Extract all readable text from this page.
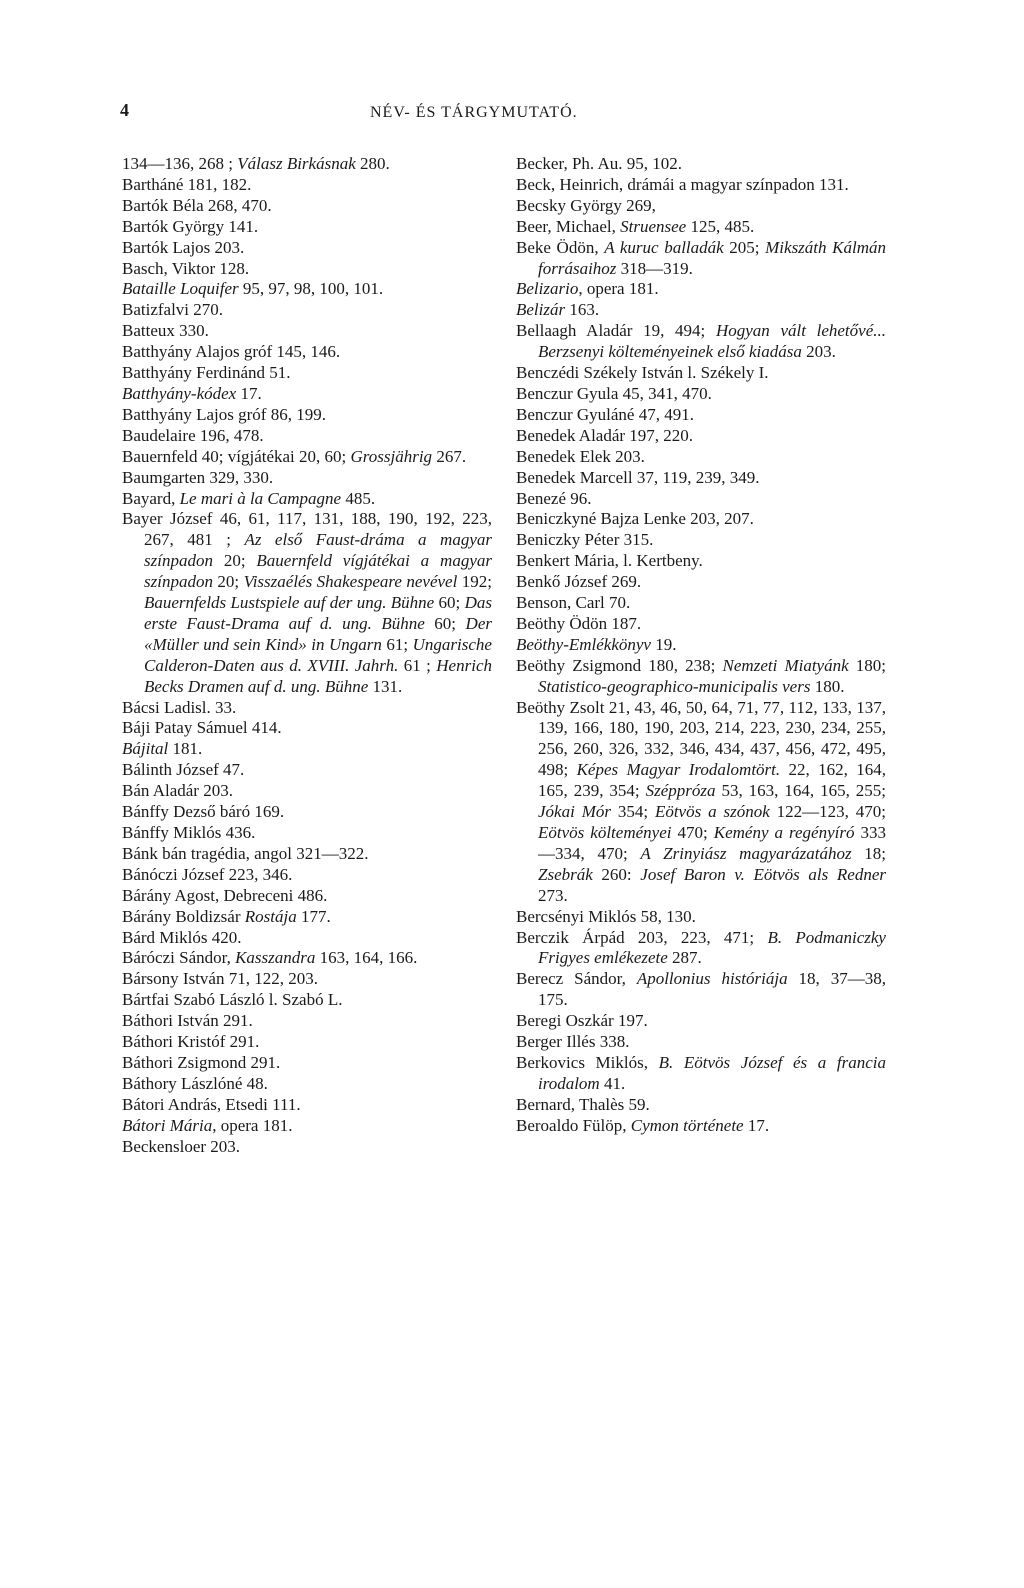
4	NÉV- ÉS TÁRGYMUTATÓ.
134—136, 268 ; Válasz Birkásnak 280.
Bartháné 181, 182.
Bartók Béla 268, 470.
Bartók György 141.
Bartók Lajos 203.
Basch, Viktor 128.
Bataille Loquifer 95, 97, 98, 100, 101.
Batizfalvi 270.
Batteux 330.
Batthyány Alajos gróf 145, 146.
Batthyány Ferdinánd 51.
Batthyány-kódex 17.
Batthyány Lajos gróf 86, 199.
Baudelaire 196, 478.
Bauernfeld 40; vígjátékai 20, 60; Grossjährig 267.
Baumgarten 329, 330.
Bayard, Le mari à la Campagne 485.
Bayer József 46, 61, 117, 131, 188, 190, 192, 223, 267, 481 ; Az első Faust-dráma a magyar színpadon 20; Bauernfeld vígjátékai a magyar színpadon 20; Visszaélés Shakespeare nevével 192; Bauernfelds Lustspiele auf der ung. Bühne 60; Das erste Faust-Drama auf d. ung. Bühne 60; Der «Müller und sein Kind» in Ungarn 61; Ungarische Calderon-Daten aus d. XVIII. Jahrh. 61 ; Henrich Becks Dramen auf d. ung. Bühne 131.
Bácsi Ladisl. 33.
Báji Patay Sámuel 414.
Bájital 181.
Bálinth József 47.
Bán Aladár 203.
Bánffy Dezső báró 169.
Bánffy Miklós 436.
Bánk bán tragédia, angol 321—322.
Bánóczi József 223, 346.
Bárány Agost, Debreceni 486.
Bárány Boldizsár Rostája 177.
Bárd Miklós 420.
Báróczi Sándor, Kasszandra 163, 164, 166.
Bársony István 71, 122, 203.
Bártfai Szabó László l. Szabó L.
Báthori István 291.
Báthori Kristóf 291.
Báthori Zsigmond 291.
Báthory Lászlóné 48.
Bátori András, Etsedi 111.
Bátori Mária, opera 181.
Beckensloer 203.
Becker, Ph. Au. 95, 102.
Beck, Heinrich, drámái a magyar színpadon 131.
Becsky György 269,
Beer, Michael, Struensee 125, 485.
Beke Ödön, A kuruc balladák 205; Mikszáth Kálmán forrásaihoz 318—319.
Belizario, opera 181.
Belizár 163.
Bellaagh Aladár 19, 494; Hogyan vált lehetővé... Berzsenyi költeményeinek első kiadása 203.
Benczédi Székely István l. Székely I.
Benczur Gyula 45, 341, 470.
Benczur Gyuláné 47, 491.
Benedek Aladár 197, 220.
Benedek Elek 203.
Benedek Marcell 37, 119, 239, 349.
Benezé 96.
Beniczkyné Bajza Lenke 203, 207.
Beniczky Péter 315.
Benkert Mária, l. Kertbeny.
Benkő József 269.
Benson, Carl 70.
Beöthy Ödön 187.
Beöthy-Emlékkönyv 19.
Beöthy Zsigmond 180, 238; Nemzeti Miatyánk 180; Statistico-geographico-municipalis vers 180.
Beöthy Zsolt 21, 43, 46, 50, 64, 71, 77, 112, 133, 137, 139, 166, 180, 190, 203, 214, 223, 230, 234, 255, 256, 260, 326, 332, 346, 434, 437, 456, 472, 495, 498; Képes Magyar Irodalomtört. 22, 162, 164, 165, 239, 354; Széppróza 53, 163, 164, 165, 255; Jókai Mór 354; Eötvös a szónok 122—123, 470; Eötvös költeményei 470; Kemény a regényíró 333—334, 470; A Zrinyiász magyarázatához 18; Zsebrák 260: Josef Baron v. Eötvös als Redner 273.
Bercsényi Miklós 58, 130.
Berczik Árpád 203, 223, 471; B. Podmaniczky Frigyes emlékezete 287.
Berecz Sándor, Apollonius históriája 18, 37—38, 175.
Beregi Oszkár 197.
Berger Illés 338.
Berkovics Miklós, B. Eötvös József és a francia irodalom 41.
Bernard, Thalès 59.
Beroaldo Fülöp, Cymon története 17.
